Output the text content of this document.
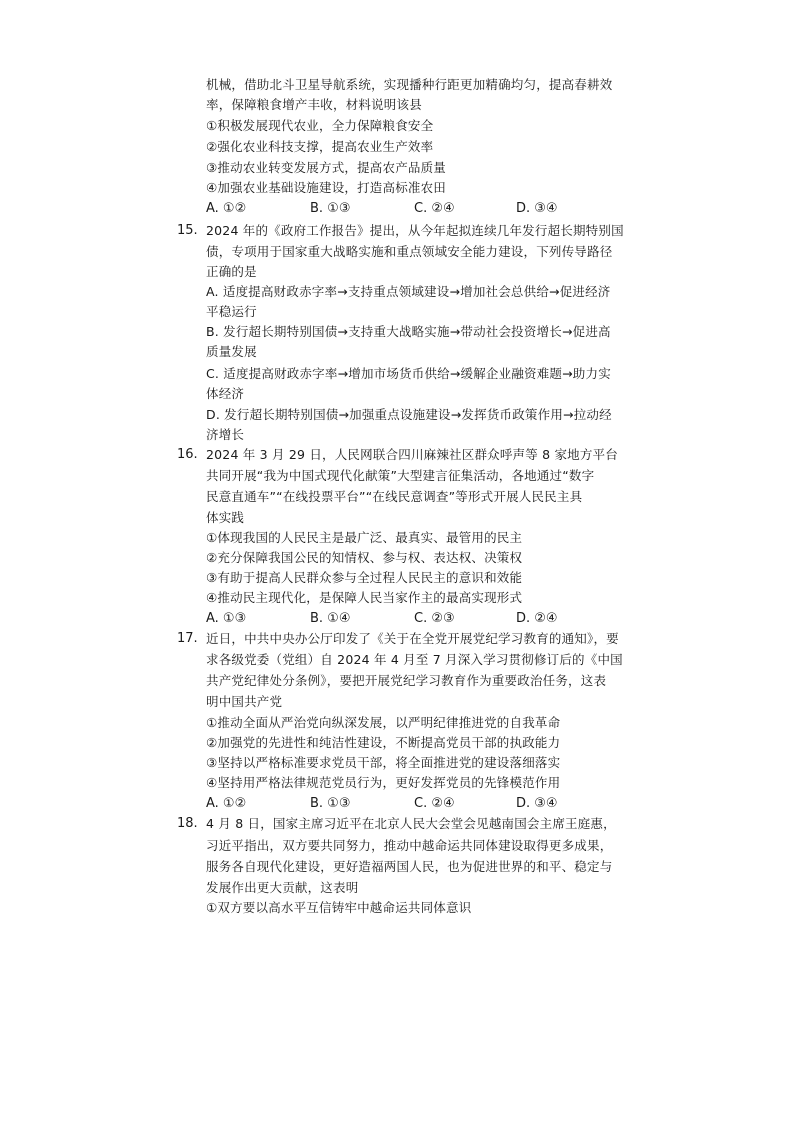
机械，借助北斗卫星导航系统，实现播种行距更加精确均匀，提高春耕效
率，保障粮食增产丰收，材料说明该县
①积极发展现代农业，全力保障粮食安全
②强化农业科技支撑，提高农业生产效率
③推动农业转变发展方式，提高农产品质量
④加强农业基础设施建设，打造高标准农田
A. ①②	B. ①③	C. ②④	D. ③④
15. 2024 年的《政府工作报告》提出，从今年起拟连续几年发行超长期特别国
债，专项用于国家重大战略实施和重点领域安全能力建设，下列传导路径
正确的是
A. 适度提高财政赤字率→支持重点领域建设→增加社会总供给→促进经济
平稳运行
B. 发行超长期特别国债→支持重大战略实施→带动社会投资增长→促进高
质量发展
C. 适度提高财政赤字率→增加市场货币供给→缓解企业融资难题→助力实
体经济
D. 发行超长期特别国债→加强重点设施建设→发挥货币政策作用→拉动经
济增长
16. 2024 年 3 月 29 日，人民网联合四川麻辣社区群众呼声等 8 家地方平台
共同开展“我为中国式现代化献策”大型建言征集活动，各地通过“数字
民意直通车”“在线投票平台”“在线民意调查”等形式开展人民民主具
体实践
①体现我国的人民民主是最广泛、最真实、最管用的民主
②充分保障我国公民的知情权、参与权、表达权、决策权
③有助于提高人民群众参与全过程人民民主的意识和效能
④推动民主现代化，是保障人民当家作主的最高实现形式
A. ①③	B. ①④	C. ②③	D. ②④
17. 近日，中共中央办公厅印发了《关于在全党开展党纪学习教育的通知》，要
求各级党委（党组）自 2024 年 4 月至 7 月深入学习贯彻修订后的《中国
共产党纪律处分条例》，要把开展党纪学习教育作为重要政治任务，这表
明中国共产党
①推动全面从严治党向纵深发展，以严明纪律推进党的自我革命
②加强党的先进性和纯洁性建设，不断提高党员干部的执政能力
③坚持以严格标准要求党员干部，将全面推进党的建设落细落实
④坚持用严格法律规范党员行为，更好发挥党员的先锋模范作用
A. ①②	B. ①③	C. ②④	D. ③④
18. 4 月 8 日，国家主席习近平在北京人民大会堂会见越南国会主席王庭惠，
习近平指出，双方要共同努力，推动中越命运共同体建设取得更多成果，
服务各自现代化建设，更好造福两国人民，也为促进世界的和平、稳定与
发展作出更大贡献，这表明
①双方要以高水平互信铸牢中越命运共同体意识
